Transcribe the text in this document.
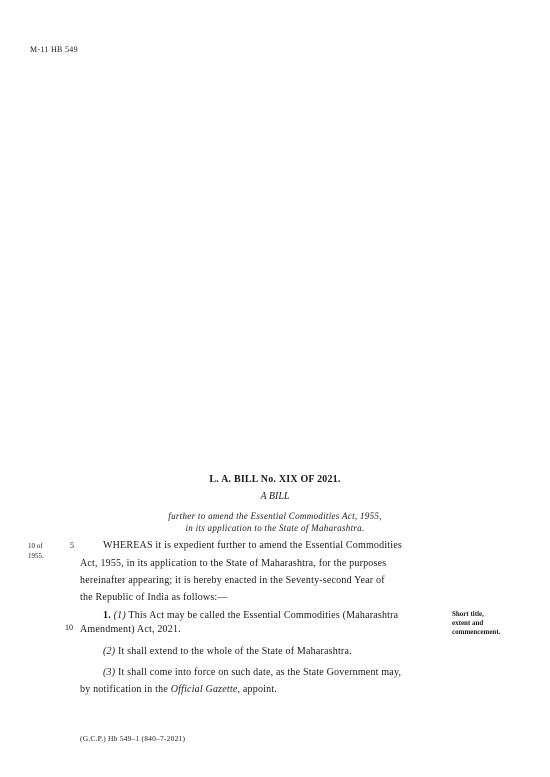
M-11 HB 549
L. A. BILL No. XIX OF 2021.
A BILL
further to amend the Essential Commodities Act, 1955,
in its application to the State of Maharashtra.
10 of
1955.
5
10
WHEREAS it is expedient further to amend the Essential Commodities
Act, 1955, in its application to the State of Maharashtra, for the purposes
hereinafter appearing; it is hereby enacted in the Seventy-second Year of
the Republic of India as follows:—
1. (1) This Act may be called the Essential Commodities (Maharashtra
Amendment) Act, 2021.
(2) It shall extend to the whole of the State of Maharashtra.
(3) It shall come into force on such date, as the State Government may,
by notification in the Official Gazette, appoint.
Short title,
extent and
commencement.
(G.C.P.) Hb 549–1 (840–7-2021)
